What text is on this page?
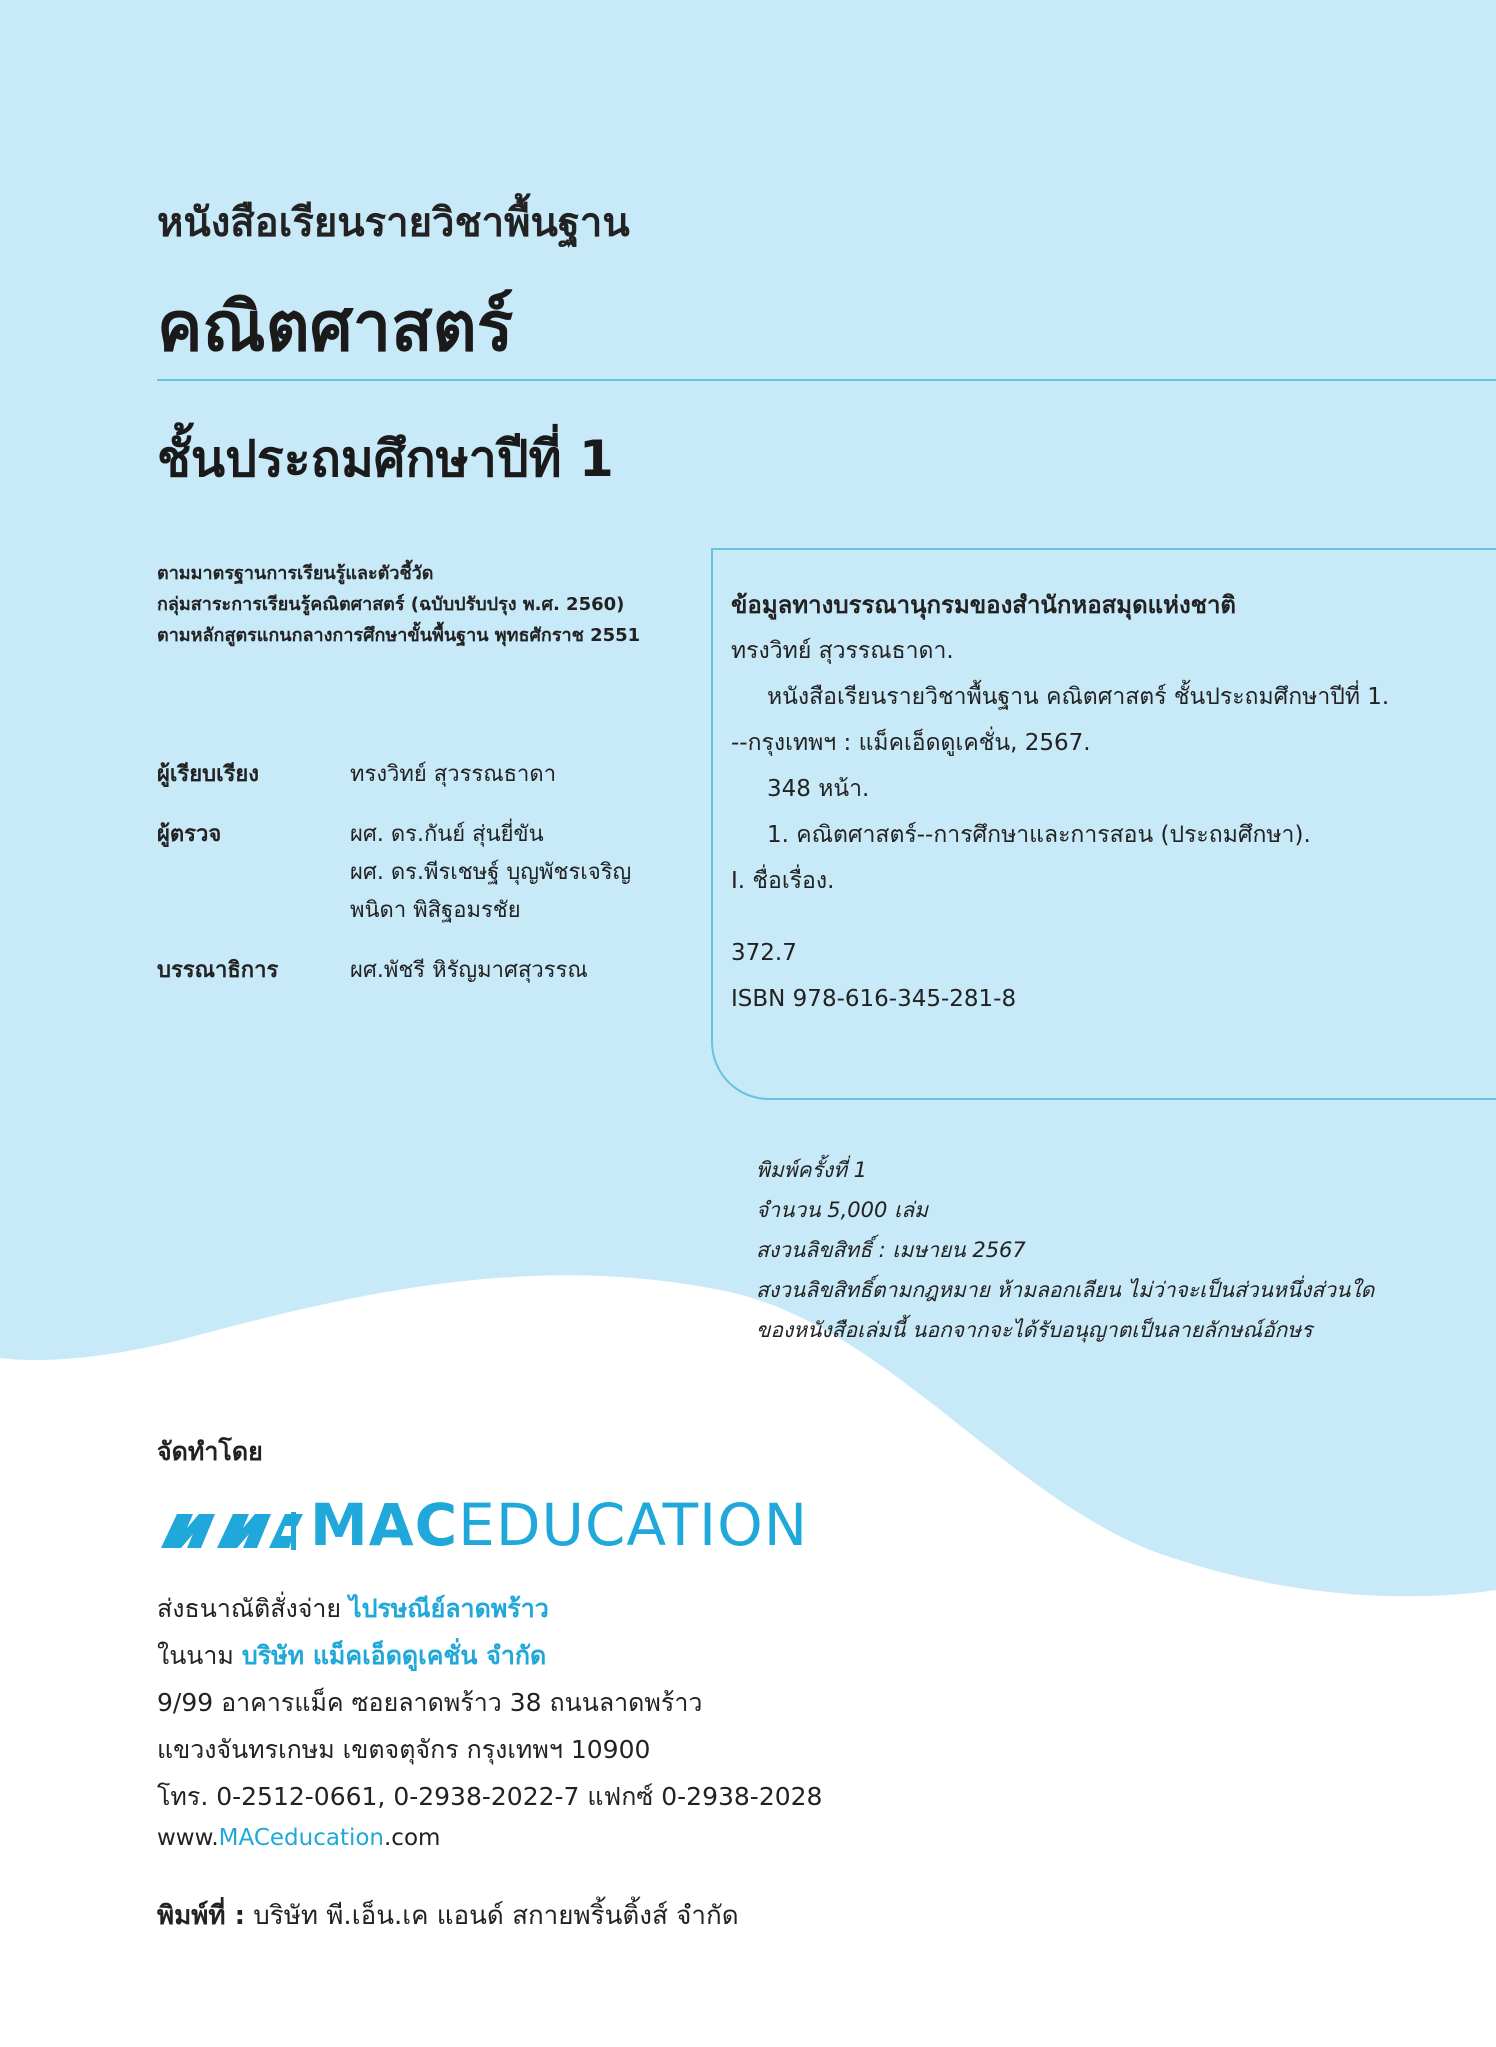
หนังสือเรียนรายวิชาพื้นฐาน
คณิตศาสตร์
ชั้นประถมศึกษาปีที่ 1
ตามมาตรฐานการเรียนรู้และตัวชี้วัด
กลุ่มสาระการเรียนรู้คณิตศาสตร์ (ฉบับปรับปรุง พ.ศ. 2560)
ตามหลักสูตรแกนกลางการศึกษาขั้นพื้นฐาน พุทธศักราช 2551
ผู้เรียบเรียง	ทรงวิทย์ สุวรรณธาดา
ผู้ตรวจ	ผศ. ดร.กันย์ สุ่นยี่ขัน
ผศ. ดร.พีรเชษฐ์ บุญพัชรเจริญ
พนิดา พิสิฐอมรชัย
บรรณาธิการ	ผศ.พัชรี หิรัญมาศสุวรรณ
ข้อมูลทางบรรณานุกรมของสำนักหอสมุดแห่งชาติ
ทรงวิทย์ สุวรรณธาดา.
หนังสือเรียนรายวิชาพื้นฐาน คณิตศาสตร์ ชั้นประถมศึกษาปีที่ 1.
--กรุงเทพฯ : แม็คเอ็ดดูเคชั่น, 2567.
348 หน้า.
1. คณิตศาสตร์--การศึกษาและการสอน (ประถมศึกษา).
I. ชื่อเรื่อง.
372.7
ISBN 978-616-345-281-8
พิมพ์ครั้งที่ 1
จำนวน 5,000 เล่ม
สงวนลิขสิทธิ์ : เมษายน 2567
สงวนลิขสิทธิ์ตามกฎหมาย ห้ามลอกเลียน ไม่ว่าจะเป็นส่วนหนึ่งส่วนใด
ของหนังสือเล่มนี้ นอกจากจะได้รับอนุญาตเป็นลายลักษณ์อักษร
จัดทำโดย
MACEDUCATION
ส่งธนาณัติสั่งจ่าย ไปรษณีย์ลาดพร้าว
ในนาม บริษัท แม็คเอ็ดดูเคชั่น จำกัด
9/99 อาคารแม็ค ซอยลาดพร้าว 38 ถนนลาดพร้าว
แขวงจันทรเกษม เขตจตุจักร กรุงเทพฯ 10900
โทร. 0-2512-0661, 0-2938-2022-7 แฟกซ์ 0-2938-2028
www.MACeducation.com
พิมพ์ที่ : บริษัท พี.เอ็น.เค แอนด์ สกายพริ้นติ้งส์ จำกัด
